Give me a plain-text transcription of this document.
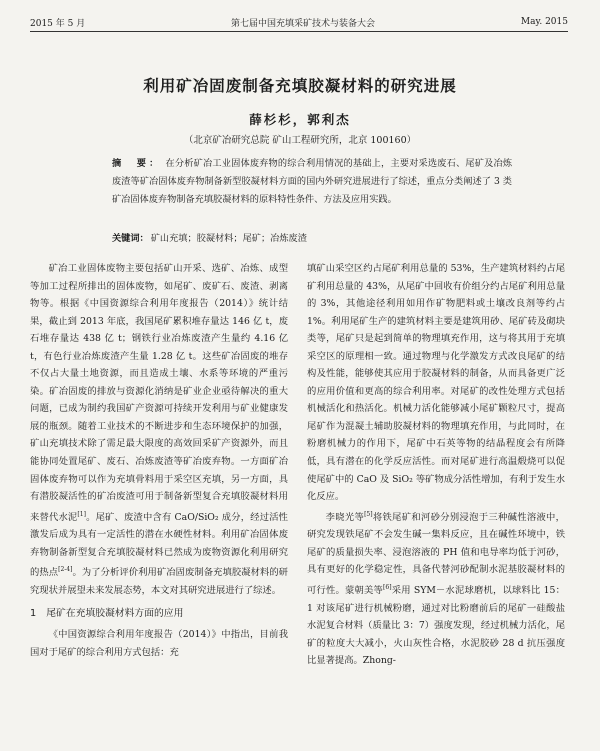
2015 年 5 月	第七届中国充填采矿技术与装备大会	May. 2015
利用矿冶固废制备充填胶凝材料的研究进展
薛杉杉，郭利杰
（北京矿冶研究总院 矿山工程研究所，北京 100160）
摘　要： 在分析矿冶工业固体废弃物的综合利用情况的基础上，主要对采选废石、尾矿及冶炼废渣等矿冶固体废弃物制备新型胶凝材料方面的国内外研究进展进行了综述，重点分类阐述了 3 类矿冶固体废弃物制备充填胶凝材料的原料特性条件、方法及应用实践。
关键词： 矿山充填；胶凝材料；尾矿；冶炼废渣

矿冶工业固体废物主要包括矿山开采、选矿、冶炼、成型等加工过程所排出的固体废物，如尾矿、废矿石、废渣、剥离物等。根据《中国资源综合利用年度报告（2014）》统计结果，截止到 2013 年底，我国尾矿累积堆存量达 146 亿 t，废石堆存量达 438 亿 t；钢铁行业冶炼废渣产生量约 4.16 亿 t，有色行业冶炼废渣产生量 1.28 亿 t。这些矿冶固废的堆存不仅占大量土地资源，而且造成土壤、水系等环境的严重污染。矿冶固废的排放与资源化消纳是矿业企业亟待解决的重大问题，已成为制约我国矿产资源可持续开发利用与矿业健康发展的瓶颈。随着工业技术的不断进步和生态环境保护的加强，矿山充填技术除了需足最大限度的高效回采矿产资源外，而且能协同处置尾矿、废石、冶炼废渣等矿冶废弃物。一方面矿冶固体废弃物可以作为充填骨料用于采空区充填，另一方面，具有潜胶凝活性的矿冶废渣可用于制备新型复合充填胶凝材料用来替代水泥[1]。尾矿、废渣中含有 CaO/SiO₂ 成分，经过活性激发后成为具有一定活性的潜在水硬性材料。利用矿冶固体废弃物制备新型复合充填胶凝材料已然成为废物资源化利用研究的热点[2-4]。为了分析评价利用矿冶固废制备充填胶凝材料的研究现状并展望未来发展态势，本文对其研究进展进行了综述。

1 尾矿在充填胶凝材料方面的应用

《中国资源综合利用年度报告（2014）》中指出，目前我国对于尾矿的综合利用方式包括：充

填矿山采空区约占尾矿利用总量的 53%，生产建筑材料约占尾矿利用总量的 43%，从尾矿中回收有价组分约占尾矿利用总量的 3%，其他途径利用如用作矿物肥料或土壤改良剂等约占 1%。利用尾矿生产的建筑材料主要是建筑用砂、尾矿砖及砌块类等，尾矿只是起到简单的物理填充作用，这与将其用于充填采空区的原理相一致。通过物理与化学激发方式改良尾矿的结构及性能，能够使其应用于胶凝材料的制备，从而具备更广泛的应用价值和更高的综合利用率。对尾矿的改性处理方式包括机械活化和热活化。机械力活化能够减小尾矿颗粒尺寸，提高尾矿作为混凝土辅助胶凝材料的物理填充作用，与此同时，在粉磨机械力的作用下，尾矿中石英等物的结晶程度会有所降低，具有潜在的化学反应活性。而对尾矿进行高温煅烧可以促使尾矿中的 CaO 及 SiO₂ 等矿物成分活性增加，有利于发生水化反应。

李晓光等[5]将铁尾矿和河砂分别浸泡于三种碱性溶液中，研究发现铁尾矿不会发生碱一集料反应，且在碱性环境中，铁尾矿的质量损失率、浸泡溶液的 PH 值和电导率均低于河砂，具有更好的化学稳定性，具备代替河砂配制水泥基胶凝材料的可行性。蒙朝美等[6]采用 SYM－水泥球磨机，以球料比 15：1 对该尾矿进行机械粉磨，通过对比粉磨前后的尾矿一硅酸盐水泥复合材料（质量比 3：7）强度发现，经过机械力活化，尾矿的粒度大大减小，火山灰性合格，水泥胶砂 28 d 抗压强度比显著提高。Zhong-
